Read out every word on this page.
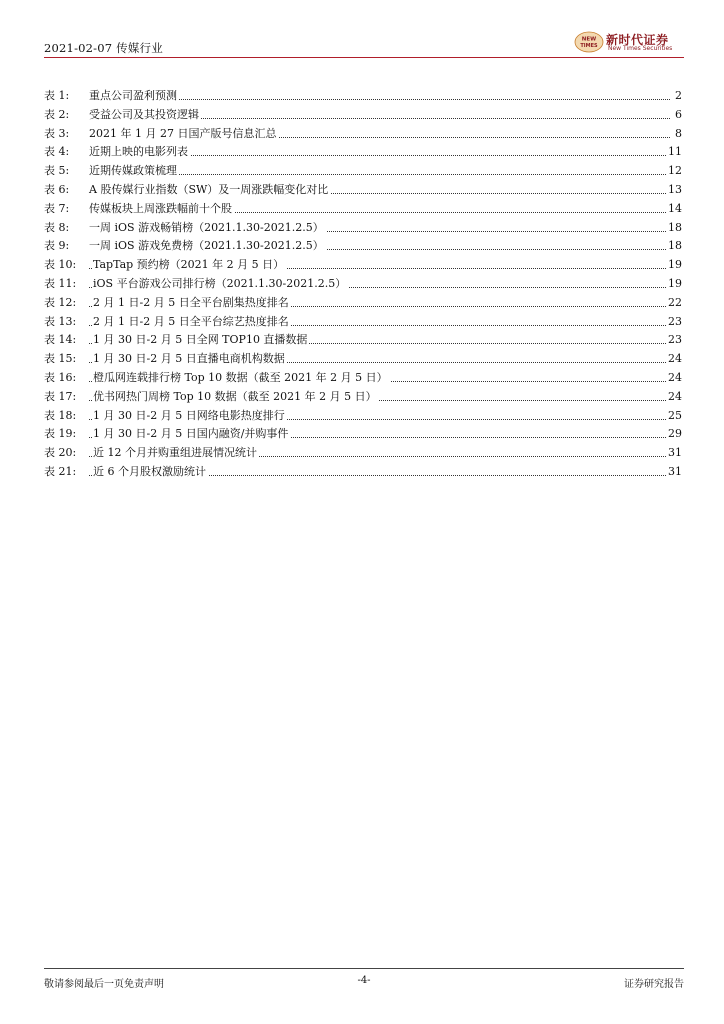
2021-02-07 传媒行业
NEW
TIMES 新时代证券
New Times Securities
表 1: 重点公司盈利预测	2
表 2: 受益公司及其投资逻辑	6
表 3: 2021 年 1 月 27 日国产版号信息汇总	8
表 4: 近期上映的电影列表	11
表 5: 近期传媒政策梳理	12
表 6: A 股传媒行业指数（SW）及一周涨跌幅变化对比	13
表 7: 传媒板块上周涨跌幅前十个股	14
表 8: 一周 iOS 游戏畅销榜（2021.1.30-2021.2.5）	18
表 9: 一周 iOS 游戏免费榜（2021.1.30-2021.2.5）	18
表 10: TapTap 预约榜（2021 年 2 月 5 日）	19
表 11: iOS 平台游戏公司排行榜（2021.1.30-2021.2.5）	19
表 12: 2 月 1 日-2 月 5 日全平台剧集热度排名	22
表 13: 2 月 1 日-2 月 5 日全平台综艺热度排名	23
表 14: 1 月 30 日-2 月 5 日全网 TOP10 直播数据	23
表 15: 1 月 30 日-2 月 5 日直播电商机构数据	24
表 16: 橙瓜网连载排行榜 Top 10 数据（截至 2021 年 2 月 5 日）	24
表 17: 优书网热门周榜 Top 10 数据（截至 2021 年 2 月 5 日）	24
表 18: 1 月 30 日-2 月 5 日网络电影热度排行	25
表 19: 1 月 30 日-2 月 5 日国内融资/并购事件	29
表 20: 近 12 个月并购重组进展情况统计	31
表 21: 近 6 个月股权激励统计	31
敬请参阅最后一页免责声明	-4-	证券研究报告
